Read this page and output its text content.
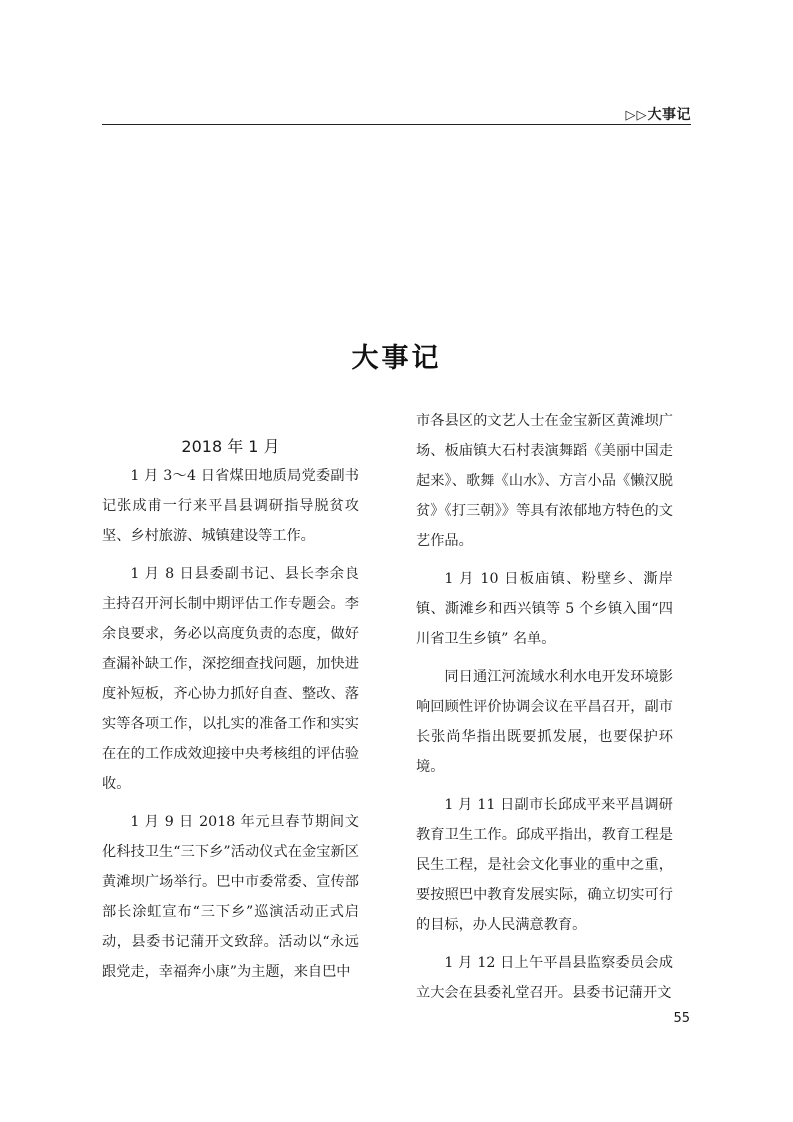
▷▷大事记
大事记
2018 年 1 月

1 月 3～4 日省煤田地质局党委副书记张成甫一行来平昌县调研指导脱贫攻坚、乡村旅游、城镇建设等工作。

1 月 8 日县委副书记、县长李余良主持召开河长制中期评估工作专题会。李余良要求，务必以高度负责的态度，做好查漏补缺工作，深挖细查找问题，加快进度补短板，齐心协力抓好自查、整改、落实等各项工作，以扎实的准备工作和实实在在的工作成效迎接中央考核组的评估验收。

1 月 9 日 2018 年元旦春节期间文化科技卫生“三下乡”活动仪式在金宝新区黄滩坝广场举行。巴中市委常委、宣传部部长涂虹宣布“三下乡”巡演活动正式启动，县委书记蒲开文致辞。活动以“永远跟党走，幸福奔小康”为主题，来自巴中

市各县区的文艺人士在金宝新区黄滩坝广场、板庙镇大石村表演舞蹈《美丽中国走起来》、歌舞《山水》、方言小品《懒汉脱贫》《打三朝》》等具有浓郁地方特色的文艺作品。

1 月 10 日板庙镇、粉壁乡、澌岸镇、澌滩乡和西兴镇等 5 个乡镇入围“四川省卫生乡镇” 名单。

同日通江河流域水利水电开发环境影响回顾性评价协调会议在平昌召开，副市长张尚华指出既要抓发展，也要保护环境。

1 月 11 日副市长邱成平来平昌调研教育卫生工作。邱成平指出，教育工程是民生工程，是社会文化事业的重中之重，要按照巴中教育发展实际，确立切实可行的目标，办人民满意教育。

1 月 12 日上午平昌县监察委员会成立大会在县委礼堂召开。县委书记蒲开文

55
